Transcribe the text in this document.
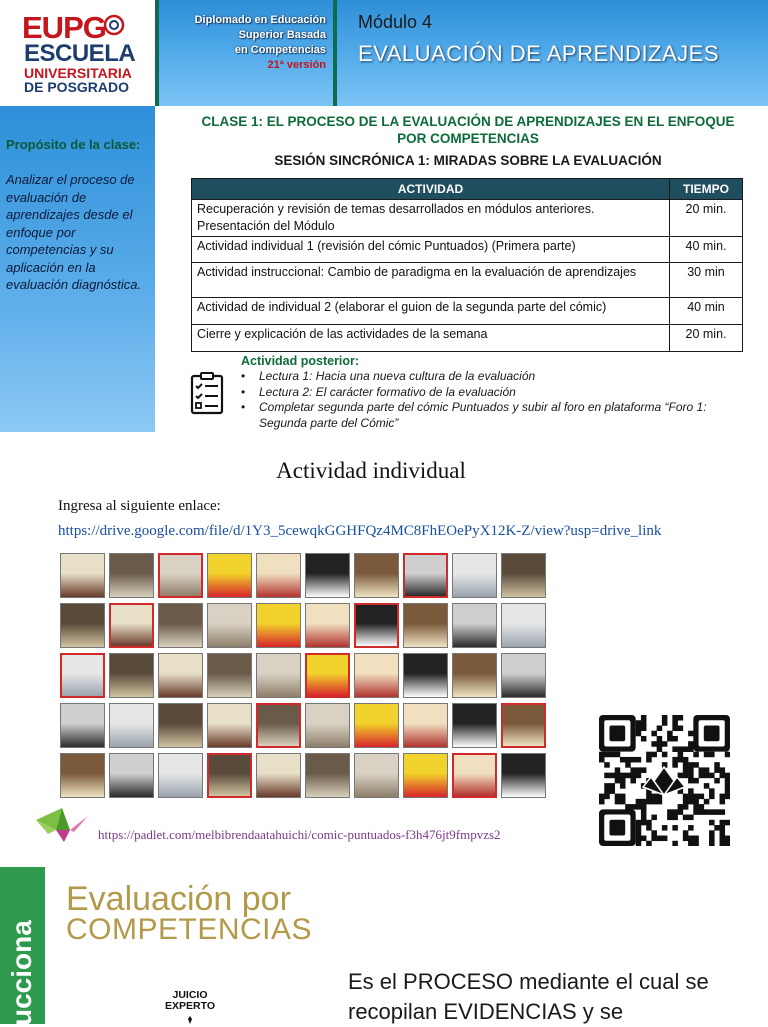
EUPG
ESCUELA
UNIVERSITARIA
DE POSGRADO
Diplomado en Educación
Superior Basada
en Competencias
21ª versión
Módulo 4
EVALUACIÓN DE APRENDIZAJES
Propósito de la clase:
Analizar el proceso de evaluación de aprendizajes desde el enfoque por competencias y su aplicación en la evaluación diagnóstica.
CLASE 1: EL PROCESO DE LA EVALUACIÓN DE APRENDIZAJES EN EL ENFOQUE POR COMPETENCIAS
SESIÓN SINCRÓNICA 1: MIRADAS SOBRE LA EVALUACIÓN
ACTIVIDAD	TIEMPO
Recuperación y revisión de temas desarrollados en módulos anteriores. Presentación del Módulo	20 min.
Actividad individual 1 (revisión del cómic Puntuados) (Primera parte)	40 min.
Actividad instruccional: Cambio de paradigma en la evaluación de aprendizajes	30 min
Actividad de individual 2 (elaborar el guion de la segunda parte del cómic)	40 min
Cierre y explicación de las actividades de la semana	20 min.
Actividad posterior:
• Lectura 1: Hacia una nueva cultura de la evaluación
• Lectura 2: El carácter formativo de la evaluación
• Completar segunda parte del cómic Puntuados y subir al foro en plataforma “Foro 1: Segunda parte del Cómic”
Actividad individual
Ingresa al siguiente enlace:
https://drive.google.com/file/d/1Y3_5cewqkGGHFQz4MC8FhEOePyX12K-Z/view?usp=drive_link
https://padlet.com/melbibrendaatahuichi/comic-puntuados-f3h476jt9fmpvzs2
ucciona
Evaluación por
COMPETENCIAS
JUICIO EXPERTO
Es el PROCESO mediante el cual se recopilan EVIDENCIAS y se
